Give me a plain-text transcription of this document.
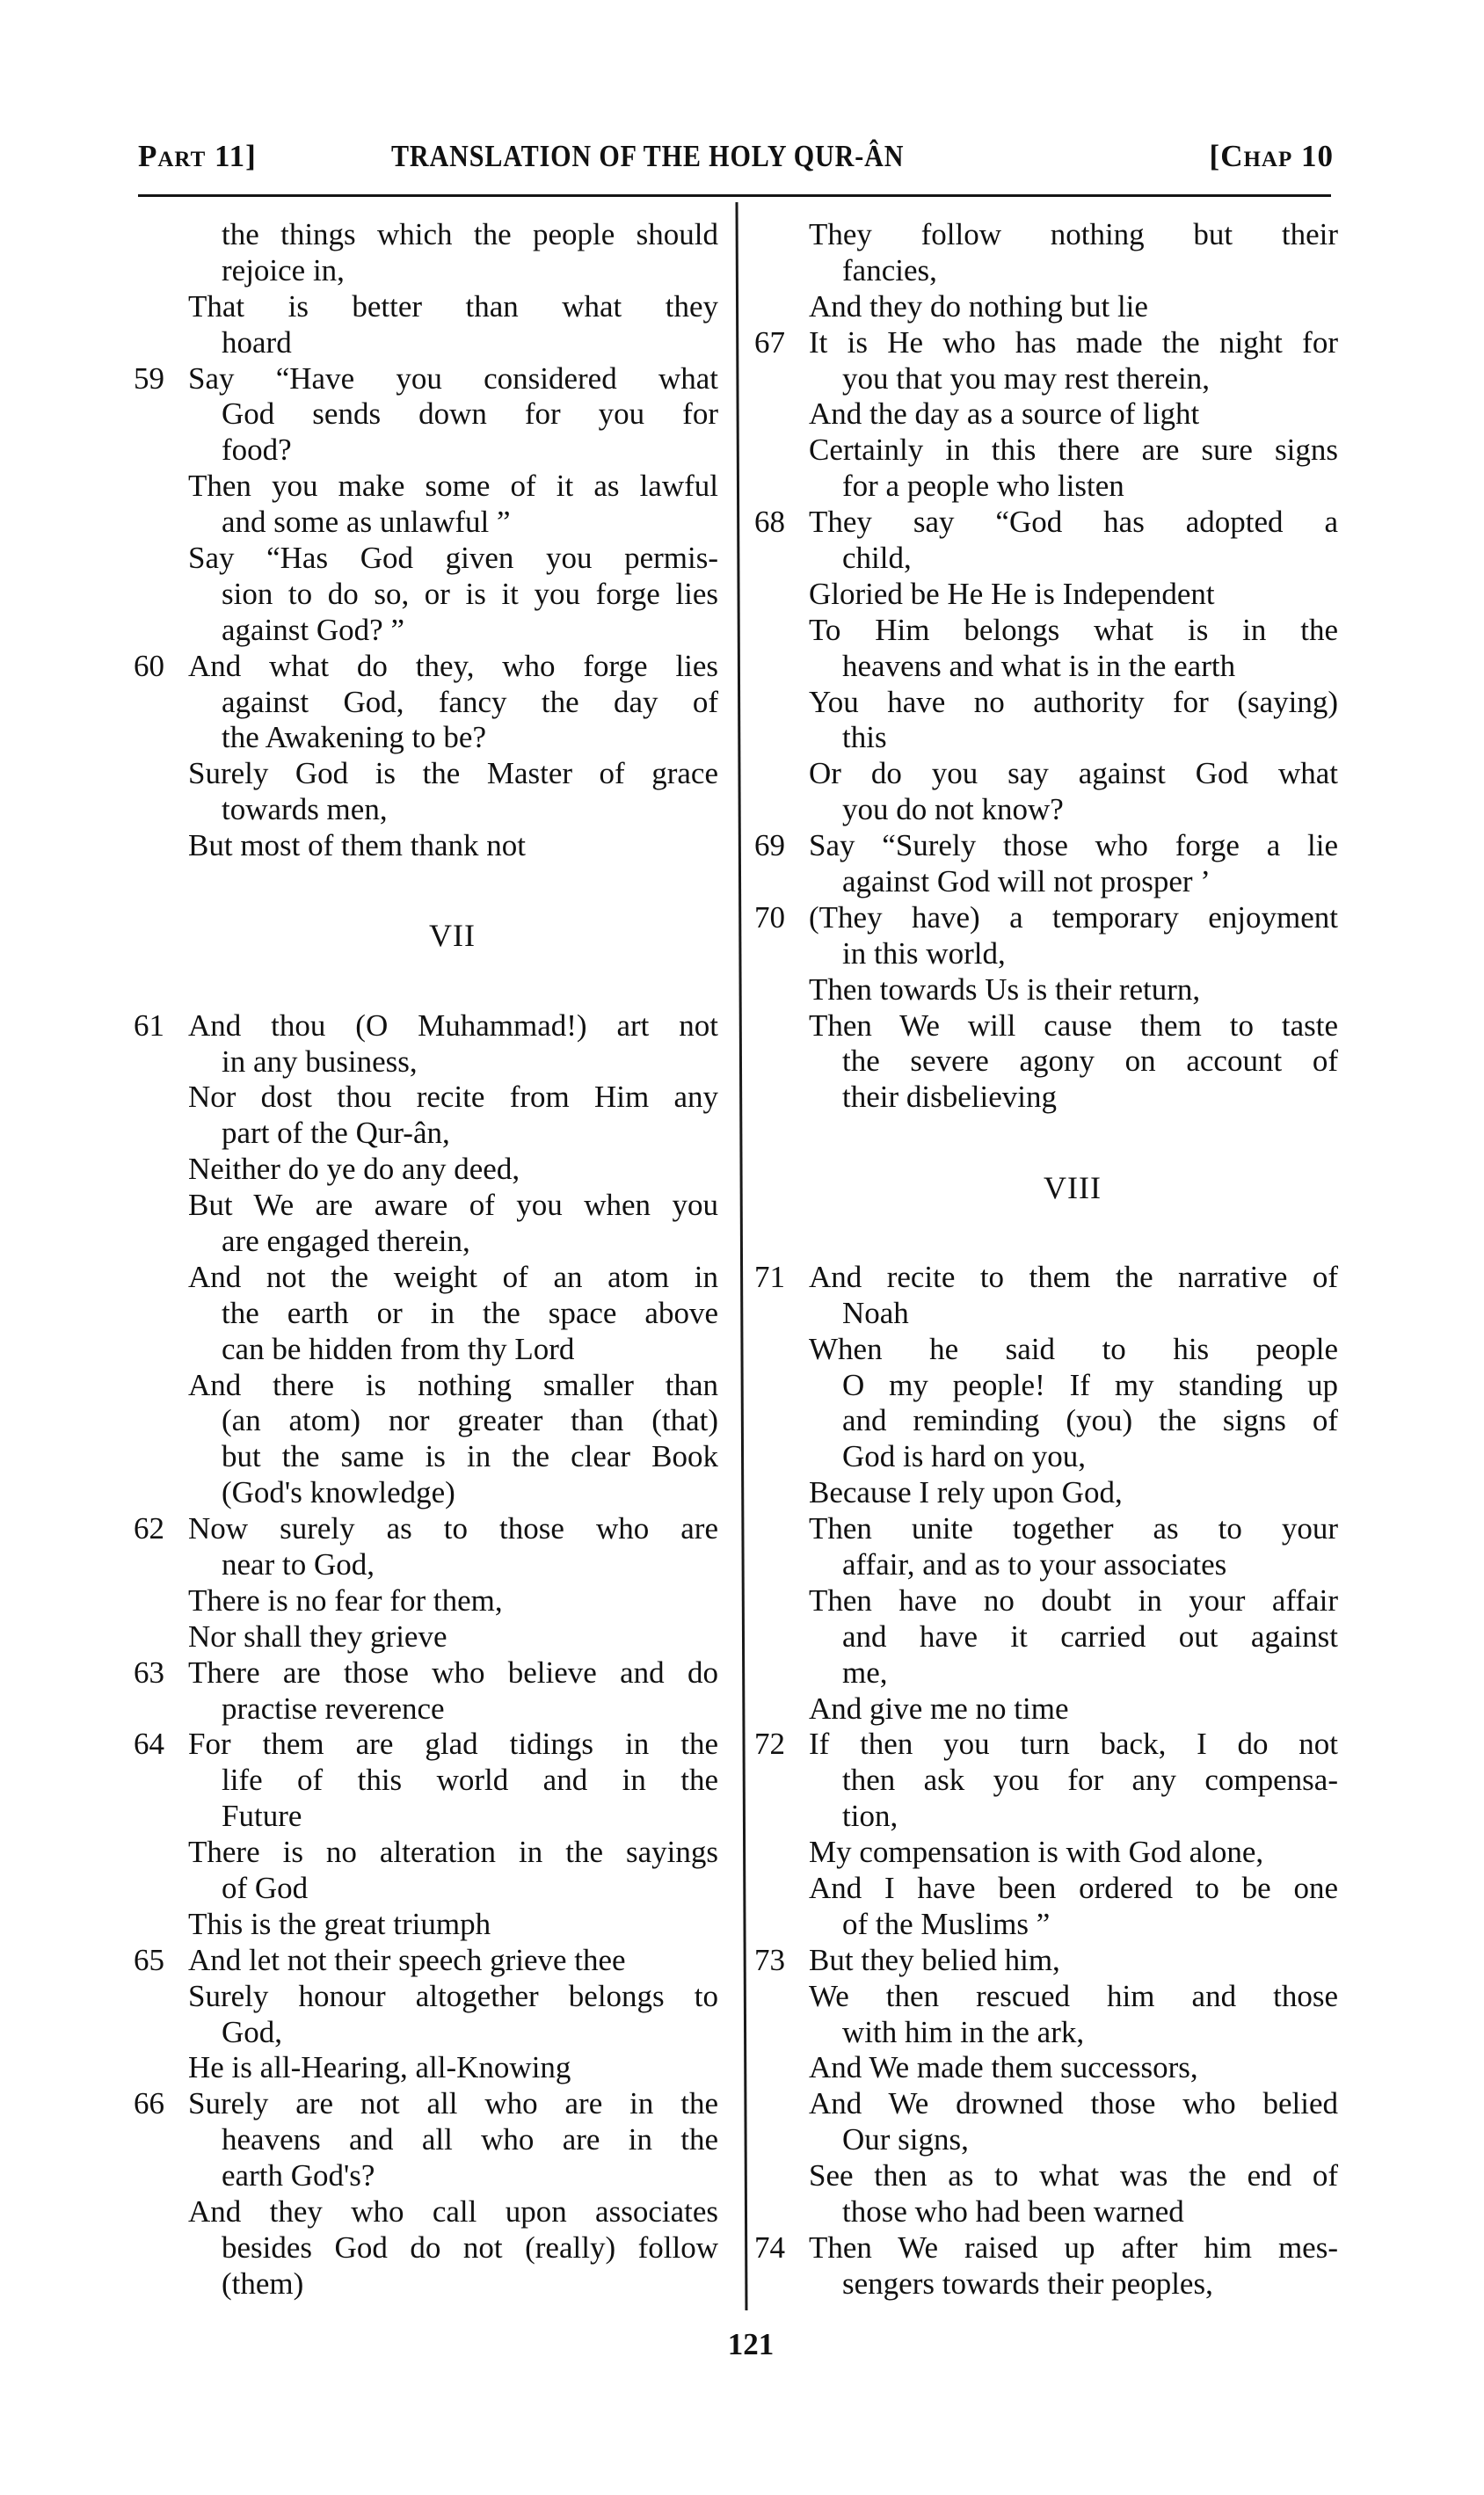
Part 11]	TRANSLATION OF THE HOLY QUR-ÂN	[Chap 10
the things which the people should
rejoice in,
That is better than what they
hoard
59 Say “Have you considered what
God sends down for you for
food?
Then you make some of it as lawful
and some as unlawful ”
Say “Has God given you permis-
sion to do so, or is it you forge lies
against God? ”
60 And what do they, who forge lies
against God, fancy the day of
the Awakening to be?
Surely God is the Master of grace
towards men,
But most of them thank not
VII
61 And thou (O Muhammad!) art not
in any business,
Nor dost thou recite from Him any
part of the Qur-ân,
Neither do ye do any deed,
But We are aware of you when you
are engaged therein,
And not the weight of an atom in
the earth or in the space above
can be hidden from thy Lord
And there is nothing smaller than
(an atom) nor greater than (that)
but the same is in the clear Book
(God's knowledge)
62 Now surely as to those who are
near to God,
There is no fear for them,
Nor shall they grieve
63 There are those who believe and do
practise reverence
64 For them are glad tidings in the
life of this world and in the
Future
There is no alteration in the sayings
of God
This is the great triumph
65 And let not their speech grieve thee
Surely honour altogether belongs to
God,
He is all-Hearing, all-Knowing
66 Surely are not all who are in the
heavens and all who are in the
earth God's?
And they who call upon associates
besides God do not (really) follow
(them)
They follow nothing but their
fancies,
And they do nothing but lie
67 It is He who has made the night for
you that you may rest therein,
And the day as a source of light
Certainly in this there are sure signs
for a people who listen
68 They say “God has adopted a
child,
Gloried be He He is Independent
To Him belongs what is in the
heavens and what is in the earth
You have no authority for (saying)
this
Or do you say against God what
you do not know?
69 Say “Surely those who forge a lie
against God will not prosper ’
70 (They have) a temporary enjoyment
in this world,
Then towards Us is their return,
Then We will cause them to taste
the severe agony on account of
their disbelieving
VIII
71 And recite to them the narrative of
Noah
When he said to his people
O my people! If my standing up
and reminding (you) the signs of
God is hard on you,
Because I rely upon God,
Then unite together as to your
affair, and as to your associates
Then have no doubt in your affair
and have it carried out against
me,
And give me no time
72 If then you turn back, I do not
then ask you for any compensa-
tion,
My compensation is with God alone,
And I have been ordered to be one
of the Muslims ”
73 But they belied him,
We then rescued him and those
with him in the ark,
And We made them successors,
And We drowned those who belied
Our signs,
See then as to what was the end of
those who had been warned
74 Then We raised up after him mes-
sengers towards their peoples,
121
